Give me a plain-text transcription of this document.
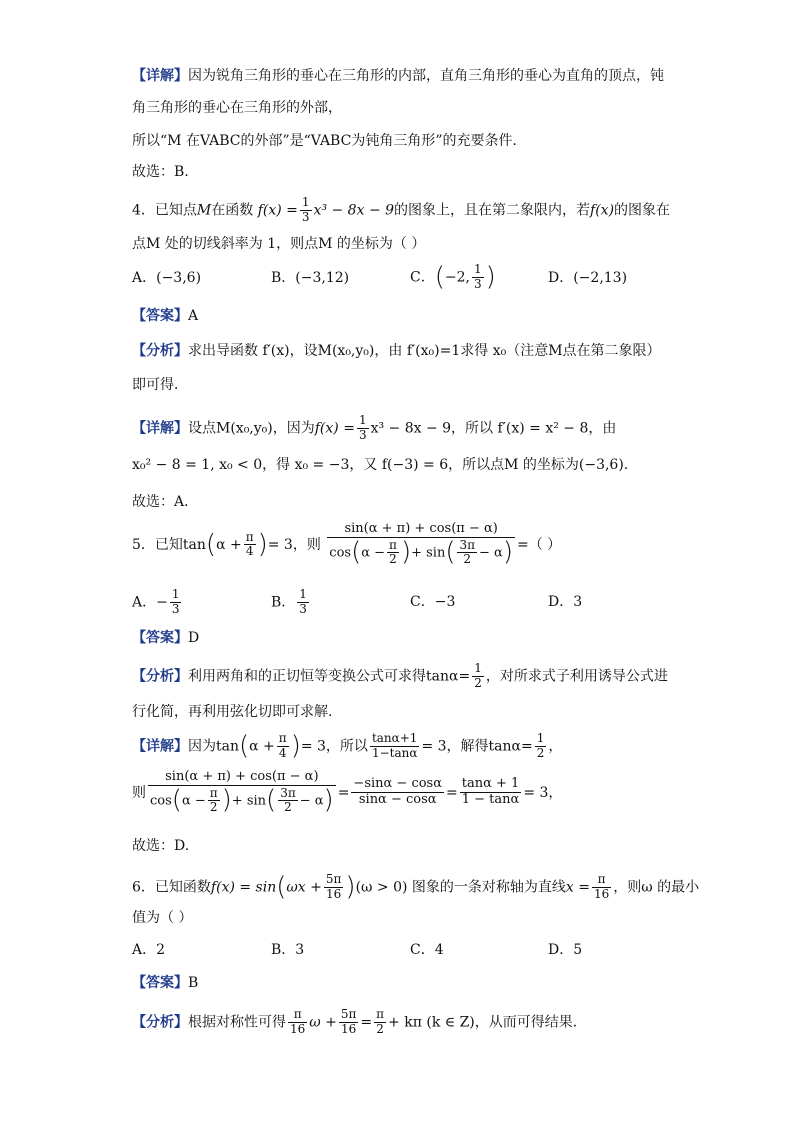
【详解】因为锐角三角形的垂心在三角形的内部，直角三角形的垂心为直角的顶点，钝
角三角形的垂心在三角形的外部，
所以“M 在VABC的外部”是“VABC为钝角三角形”的充要条件．
故选：B.
4．已知点M在函数 $f(x) = \frac{1}{3} x^3 - 8x - 9$的图象上，且在第二象限内，若f(x)的图象在
点M 处的切线斜率为 1，则点M 的坐标为（ ）
A．(−3,6)	B．(−3,12)	C．(−2, $\frac{1}{3}$ )	D．(−2,13)
【答案】A
【分析】求出导函数 f′(x)，设M(x₀,y₀)，由 f′(x₀)=1求得 x₀（注意M点在第二象限）
即可得．
【详解】设点M(x₀,y₀)，因为$f(x) = \frac{1}{3} x^3 - 8x - 9$，所以 f′(x) = x² − 8，由
x₀² − 8 = 1, x₀ < 0，得 x₀ = −3，又 f(−3) = 6，所以点M 的坐标为(−3,6).
故选：A．
5．已知$\tan(\alpha + \frac{\pi}{4}$ )= 3，则 $\frac{\sin(\alpha + \pi) + \cos(\pi - \alpha)}{\cos(\alpha - \frac{\pi}{2} )+ \sin( \frac{3\pi}{2} - \alpha)}$ =（ ）
A．− $\frac{1}{3}$	B． $\frac{1}{3}$	C．−3	D．3
【答案】D
【分析】利用两角和的正切恒等变换公式可求得$\tan\alpha= \frac{1}{2}$ ，对所求式子利用诱导公式进
行化简，再利用弦化切即可求解.
【详解】因为$\tan(\alpha + \frac{\pi}{4}$ )= 3，所以 $\frac{\tan\alpha+1}{1-\tan\alpha} = 3$，解得$\tan\alpha= \frac{1}{2}$ ，
则 $\frac{\sin(\alpha + \pi) + \cos(\pi - \alpha)}{\cos(\alpha - \frac{\pi}{2} )+ \sin( \frac{3\pi}{2} - \alpha)} = \frac{-\sin\alpha - \cos\alpha}{\sin\alpha - \cos\alpha} = \frac{\tan\alpha + 1}{1 - \tan\alpha} = 3$，
故选：D.
6．已知函数$f(x) = \sin(\omega x + \frac{5\pi}{16} )(\omega > 0)$ 图象的一条对称轴为直线$x = \frac{\pi}{16}$ ，则ω 的最小
值为（ ）
A．2	B．3	C．4	D．5
【答案】B
【分析】根据对称性可得 $\frac{\pi}{16}$ $\omega + \frac{5\pi}{16} = \frac{\pi}{2} + k\pi$ (k ∈ Z)，从而可得结果.
